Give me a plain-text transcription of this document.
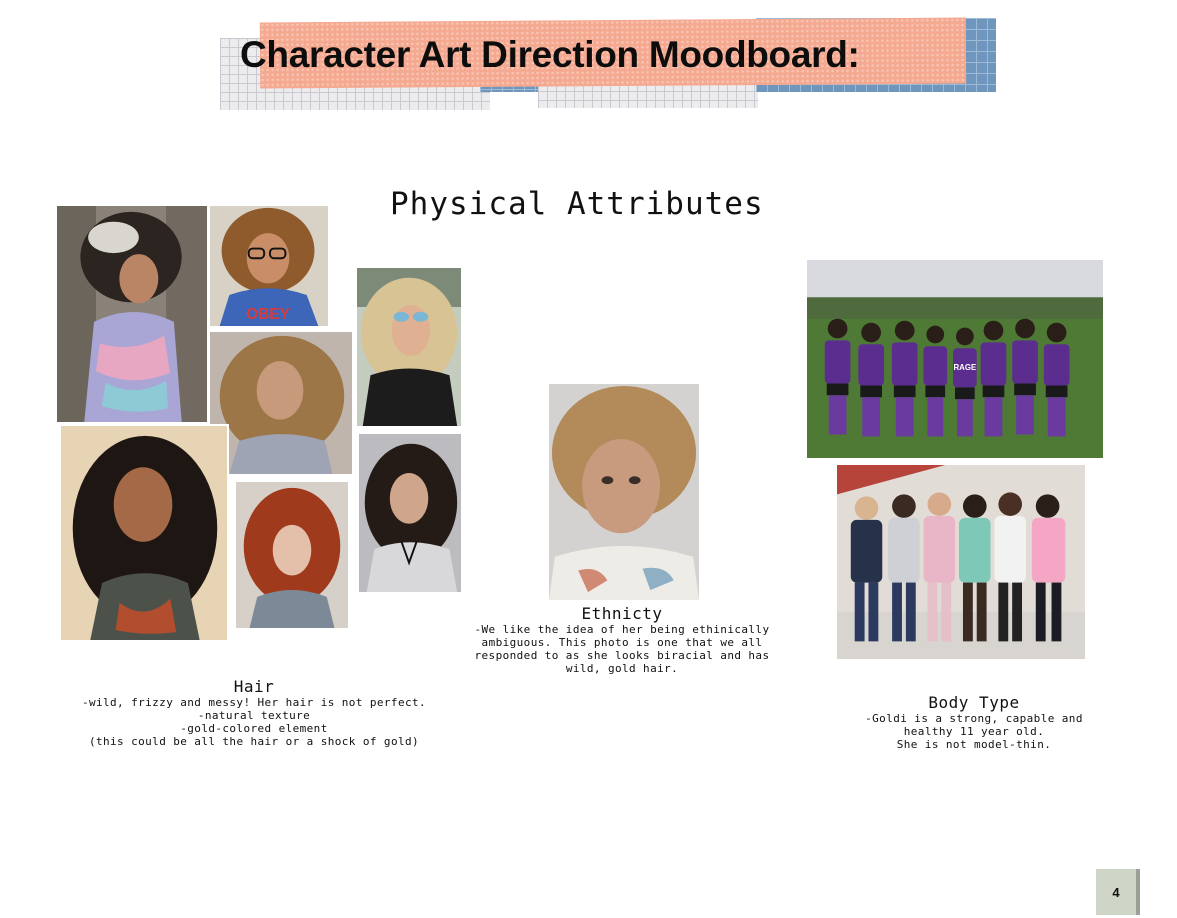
Character Art Direction Moodboard:
Physical Attributes
OBEY
RAGE
Hair
-wild, frizzy and messy! Her hair is not perfect.
-natural texture
-gold-colored element
(this could be all the hair or a shock of gold)
Ethnicty
-We like the idea of her being ethinically
ambiguous. This photo is one that we all
responded to as she looks biracial and has
wild, gold hair.
Body Type
-Goldi is a strong, capable and
healthy 11 year old.
She is not model-thin.
4
